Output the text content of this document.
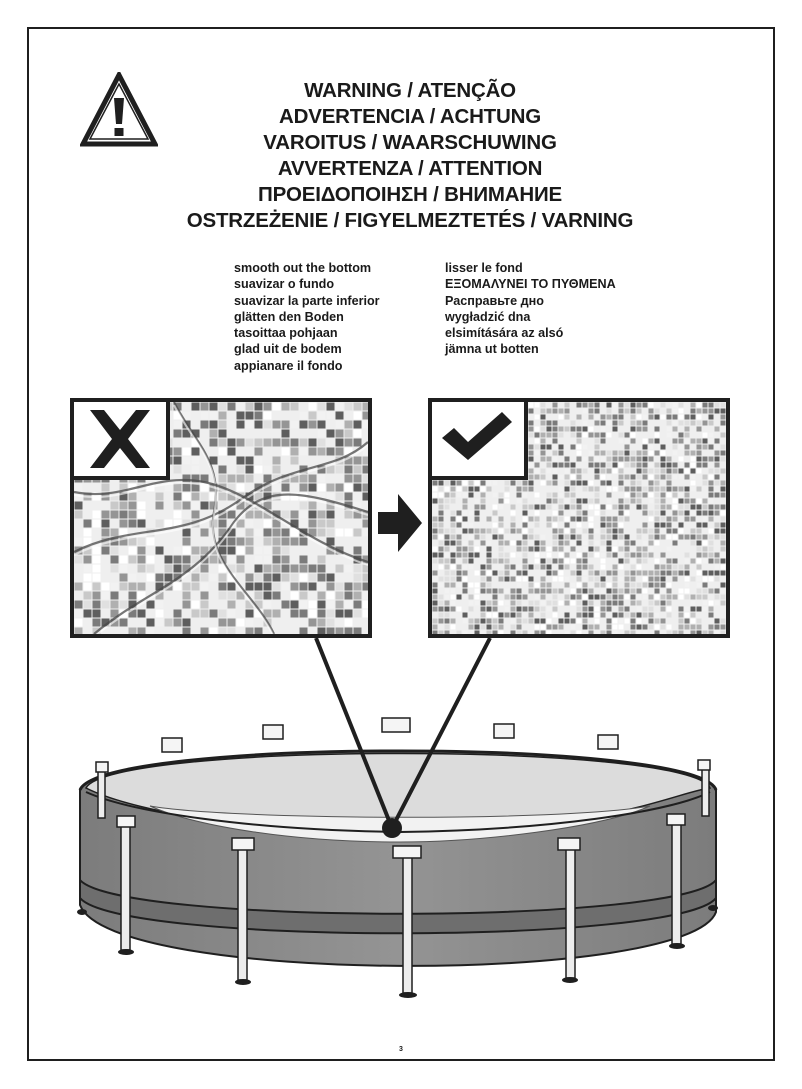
WARNING / ATENÇÃO
ADVERTENCIA / ACHTUNG
VAROITUS / WAARSCHUWING
AVVERTENZA / ATTENTION
ΠΡΟΕΙΔΟΠΟΙΗΣΗ / ВНИМАНИЕ
OSTRZEŻENIE / FIGYELMEZTETÉS / VARNING
smooth out the bottom
suavizar o fundo
suavizar la parte inferior
glätten den Boden
tasoittaa pohjaan
glad uit de bodem
appianare il fondo
lisser le fond
ΕΞΟΜΑΛΥΝΕΙ ΤΟ ΠΥΘΜΕΝΑ
Расправьте дно
wygładzić dna
elsimítására az alsó
jämna ut botten
3
